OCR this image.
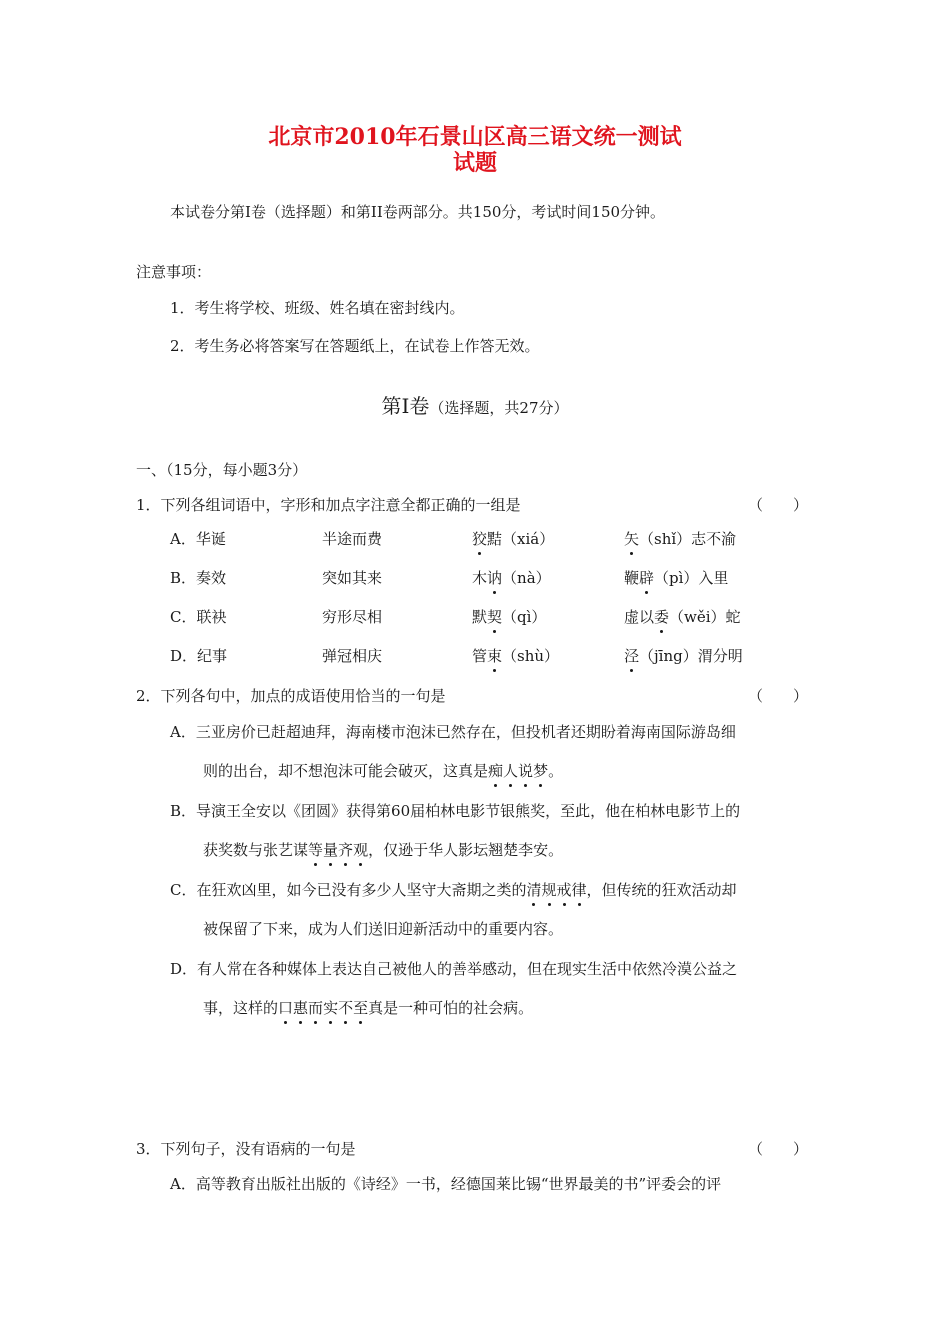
北京市2010年石景山区高三语文统一测试
试题
本试卷分第I卷（选择题）和第II卷两部分。共150分，考试时间150分钟。
注意事项：
1．考生将学校、班级、姓名填在密封线内。
2．考生务必将答案写在答题纸上，在试卷上作答无效。
第Ⅰ卷（选择题，共27分）
一、（15分，每小题3分）
1．下列各组词语中，字形和加点字注意全都正确的一组是	（　　）
A．华诞	半途而费	狡黠（xiá）	矢（shǐ）志不渝
B．奏效	突如其来	木讷（nà）	鞭辟（pì）入里
C．联袂	穷形尽相	默契（qì）	虚以委（wěi）蛇
D．纪事	弹冠相庆	管束（shù）	泾（jīng）渭分明
2．下列各句中，加点的成语使用恰当的一句是	（　　）
A．三亚房价已赶超迪拜，海南楼市泡沫已然存在，但投机者还期盼着海南国际游岛细
则的出台，却不想泡沫可能会破灭，这真是痴人说梦。
B．导演王全安以《团圆》获得第60届柏林电影节银熊奖，至此，他在柏林电影节上的
获奖数与张艺谋等量齐观，仅逊于华人影坛翘楚李安。
C．在狂欢凶里，如今已没有多少人坚守大斋期之类的清规戒律，但传统的狂欢活动却
被保留了下来，成为人们送旧迎新活动中的重要内容。
D．有人常在各种媒体上表达自己被他人的善举感动，但在现实生活中依然冷漠公益之
事，这样的口惠而实不至真是一种可怕的社会病。
3．下列句子，没有语病的一句是	（　　）
A．高等教育出版社出版的《诗经》一书，经德国莱比锡“世界最美的书”评委会的评
